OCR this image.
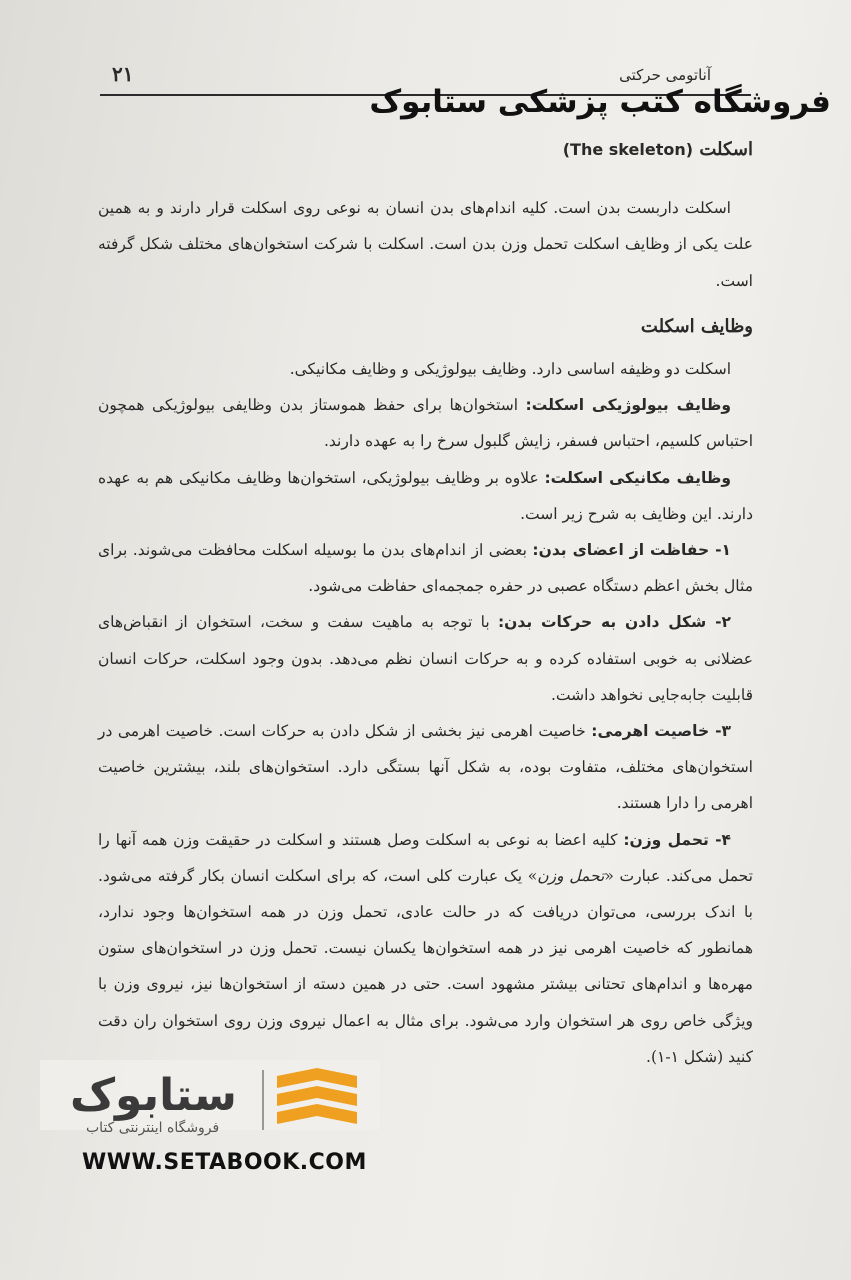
۲۱	آناتومی حرکتی
فروشگاه کتب پزشکی ستابوک
اسکلت (The skeleton)

اسکلت داربست بدن است. کلیه اندام‌های بدن انسان به نوعی روی اسکلت قرار دارند و به همین علت یکی از وظایف اسکلت تحمل وزن بدن است. اسکلت با شرکت استخوان‌های مختلف شکل گرفته است.

وظایف اسکلت

اسکلت دو وظیفه اساسی دارد. وظایف بیولوژیکی و وظایف مکانیکی.

وظایف بیولوژیکی اسکلت: استخوان‌ها برای حفظ هموستاز بدن وظایفی بیولوژیکی همچون احتباس کلسیم، احتباس فسفر، زایش گلبول سرخ را به عهده دارند.

وظایف مکانیکی اسکلت: علاوه بر وظایف بیولوژیکی، استخوان‌ها وظایف مکانیکی هم به عهده دارند. این وظایف به شرح زیر است.

۱- حفاظت از اعضای بدن: بعضی از اندام‌های بدن ما بوسیله اسکلت محافظت می‌شوند. برای مثال بخش اعظم دستگاه عصبی در حفره جمجمه‌ای حفاظت می‌شود.

۲- شکل دادن به حرکات بدن: با توجه به ماهیت سفت و سخت، استخوان از انقباض‌های عضلانی به خوبی استفاده کرده و به حرکات انسان نظم می‌دهد. بدون وجود اسکلت، حرکات انسان قابلیت جابه‌جایی نخواهد داشت.

۳- خاصیت اهرمی: خاصیت اهرمی نیز بخشی از شکل دادن به حرکات است. خاصیت اهرمی در استخوان‌های مختلف، متفاوت بوده، به شکل آنها بستگی دارد. استخوان‌های بلند، بیشترین خاصیت اهرمی را دارا هستند.

۴- تحمل وزن: کلیه اعضا به نوعی به اسکلت وصل هستند و اسکلت در حقیقت وزن همه آنها را تحمل می‌کند. عبارت «تحمل وزن» یک عبارت کلی است، که برای اسکلت انسان بکار گرفته می‌شود. با اندک بررسی، می‌توان دریافت که در حالت عادی، تحمل وزن در همه استخوان‌ها وجود ندارد، همانطور که خاصیت اهرمی نیز در همه استخوان‌ها یکسان نیست. تحمل وزن در استخوان‌های ستون مهره‌ها و اندام‌های تحتانی بیشتر مشهود است. حتی در همین دسته از استخوان‌ها نیز، نیروی وزن با ویژگی خاص روی هر استخوان وارد می‌شود. برای مثال به اعمال نیروی وزن روی استخوان ران دقت کنید (شکل ۱-۱).

ستابوک
فروشگاه اینترنتی کتاب
WWW.SETABOOK.COM
